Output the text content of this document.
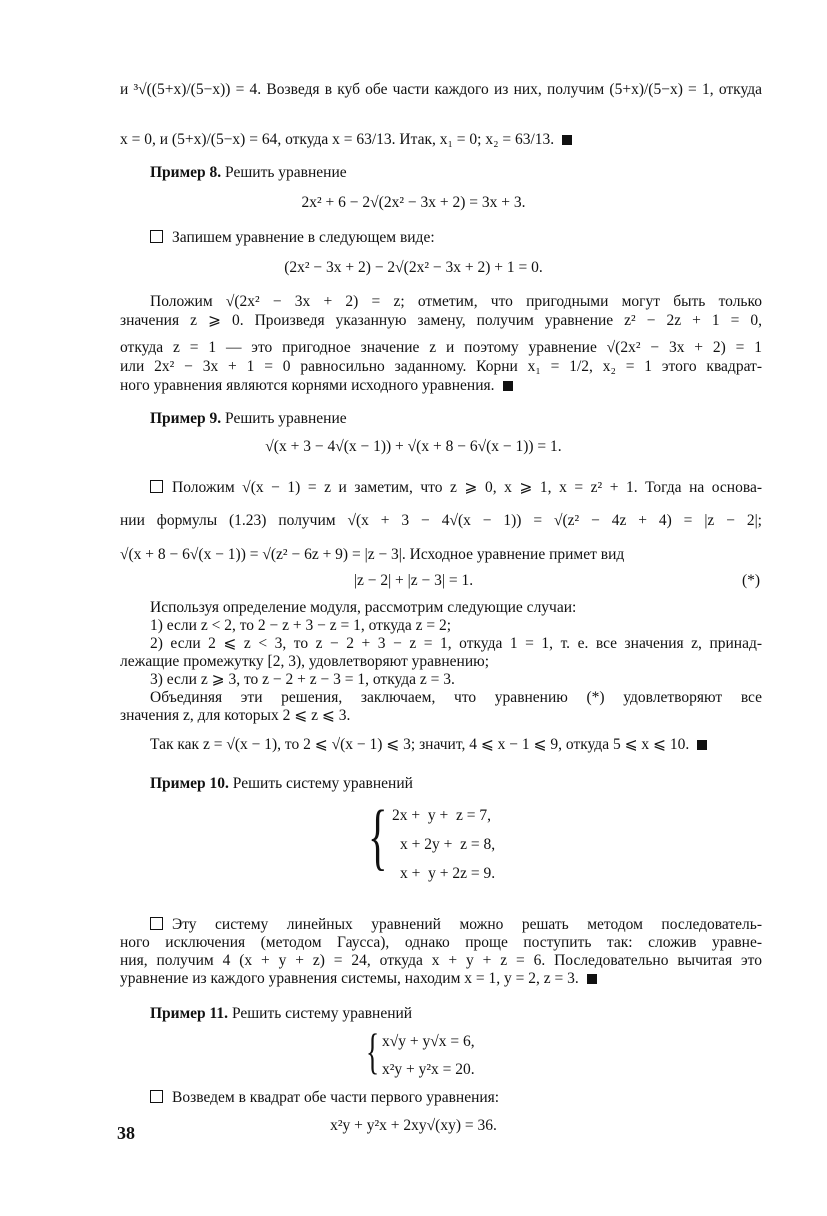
и ³√((5+x)/(5−x)) = 4. Возведя в куб обе части каждого из них, получим (5+x)/(5−x) = 1, откуда
x = 0, и (5+x)/(5−x) = 64, откуда x = 63/13. Итак, x₁ = 0; x₂ = 63/13.
Пример 8. Решить уравнение
2x² + 6 − 2√(2x² − 3x + 2) = 3x + 3.
Запишем уравнение в следующем виде:
(2x² − 3x + 2) − 2√(2x² − 3x + 2) + 1 = 0.
Положим √(2x² − 3x + 2) = z; отметим, что пригодными могут быть только
значения z ⩾ 0. Произведя указанную замену, получим уравнение z² − 2z + 1 = 0,
откуда z = 1 — это пригодное значение z и поэтому уравнение √(2x² − 3x + 2) = 1
или 2x² − 3x + 1 = 0 равносильно заданному. Корни x₁ = 1/2, x₂ = 1 этого квадрат-
ного уравнения являются корнями исходного уравнения.
Пример 9. Решить уравнение
√(x + 3 − 4√(x − 1)) + √(x + 8 − 6√(x − 1)) = 1.
Положим √(x − 1) = z и заметим, что z ⩾ 0, x ⩾ 1, x = z² + 1. Тогда на основа-
нии формулы (1.23) получим √(x + 3 − 4√(x − 1)) = √(z² − 4z + 4) = |z − 2|;
√(x + 8 − 6√(x − 1)) = √(z² − 6z + 9) = |z − 3|. Исходное уравнение примет вид
|z − 2| + |z − 3| = 1.	(*)
Используя определение модуля, рассмотрим следующие случаи:
1) если z < 2, то 2 − z + 3 − z = 1, откуда z = 2;
2) если 2 ⩽ z < 3, то z − 2 + 3 − z = 1, откуда 1 = 1, т. е. все значения z, принад-
лежащие промежутку [2, 3), удовлетворяют уравнению;
3) если z ⩾ 3, то z − 2 + z − 3 = 1, откуда z = 3.
Объединяя эти решения, заключаем, что уравнению (*) удовлетворяют все
значения z, для которых 2 ⩽ z ⩽ 3.
Так как z = √(x − 1), то 2 ⩽ √(x − 1) ⩽ 3; значит, 4 ⩽ x − 1 ⩽ 9, откуда 5 ⩽ x ⩽ 10.
Пример 10. Решить систему уравнений
{ 2x +  y +  z = 7,
x + 2y +  z = 8,
x +  y + 2z = 9.
Эту систему линейных уравнений можно решать методом последователь-
ного исключения (методом Гаусса), однако проще поступить так: сложив уравне-
ния, получим 4 (x + y + z) = 24, откуда x + y + z = 6. Последовательно вычитая это
уравнение из каждого уравнения системы, находим x = 1, y = 2, z = 3.
Пример 11. Решить систему уравнений
{ x√y + y√x = 6,
x²y + y²x = 20.
Возведем в квадрат обе части первого уравнения:
x²y + y²x + 2xy√(xy) = 36.
38
